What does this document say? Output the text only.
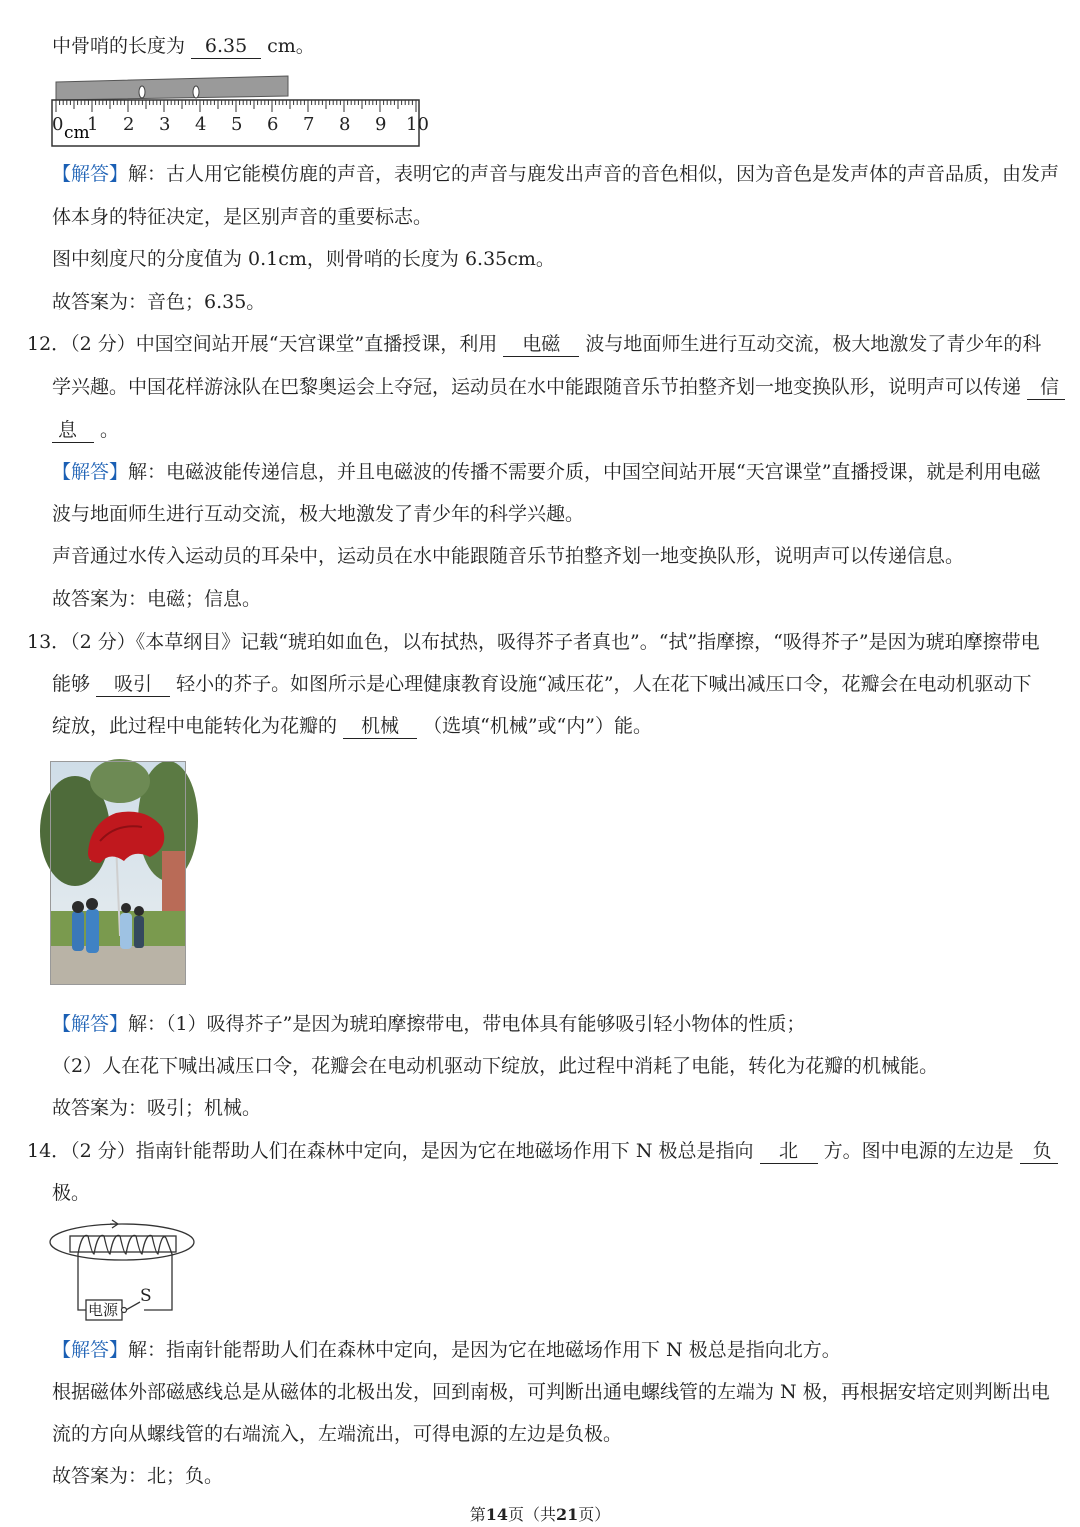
中骨哨的长度为 6.35 cm。
0 1 2 3 4 5 6 7 8 9 10
cm
【解答】解：古人用它能模仿鹿的声音，表明它的声音与鹿发出声音的音色相似，因为音色是发声体的声音品质，由发声
体本身的特征决定，是区别声音的重要标志。
图中刻度尺的分度值为 0.1cm，则骨哨的长度为 6.35cm。
故答案为：音色；6.35。
12．（2 分）中国空间站开展“天宫课堂”直播授课，利用 电磁 波与地面师生进行互动交流，极大地激发了青少年的科
学兴趣。中国花样游泳队在巴黎奥运会上夺冠，运动员在水中能跟随音乐节拍整齐划一地变换队形，说明声可以传递 信
息 。
【解答】解：电磁波能传递信息，并且电磁波的传播不需要介质，中国空间站开展“天宫课堂”直播授课，就是利用电磁
波与地面师生进行互动交流，极大地激发了青少年的科学兴趣。
声音通过水传入运动员的耳朵中，运动员在水中能跟随音乐节拍整齐划一地变换队形，说明声可以传递信息。
故答案为：电磁；信息。
13．（2 分）《本草纲目》记载“琥珀如血色，以布拭热，吸得芥子者真也”。“拭”指摩擦，“吸得芥子”是因为琥珀摩擦带电
能够 吸引 轻小的芥子。如图所示是心理健康教育设施“减压花”，人在花下喊出减压口令，花瓣会在电动机驱动下
绽放，此过程中电能转化为花瓣的 机械 （选填“机械”或“内”）能。
【解答】解：（1）吸得芥子”是因为琥珀摩擦带电，带电体具有能够吸引轻小物体的性质；
（2）人在花下喊出减压口令，花瓣会在电动机驱动下绽放，此过程中消耗了电能，转化为花瓣的机械能。
故答案为：吸引；机械。
14．（2 分）指南针能帮助人们在森林中定向，是因为它在地磁场作用下 N 极总是指向 北 方。图中电源的左边是 负
极。
电源
S
【解答】解：指南针能帮助人们在森林中定向，是因为它在地磁场作用下 N 极总是指向北方。
根据磁体外部磁感线总是从磁体的北极出发，回到南极，可判断出通电螺线管的左端为 N 极，再根据安培定则判断出电
流的方向从螺线管的右端流入，左端流出，可得电源的左边是负极。
故答案为：北；负。
第14页（共21页）
